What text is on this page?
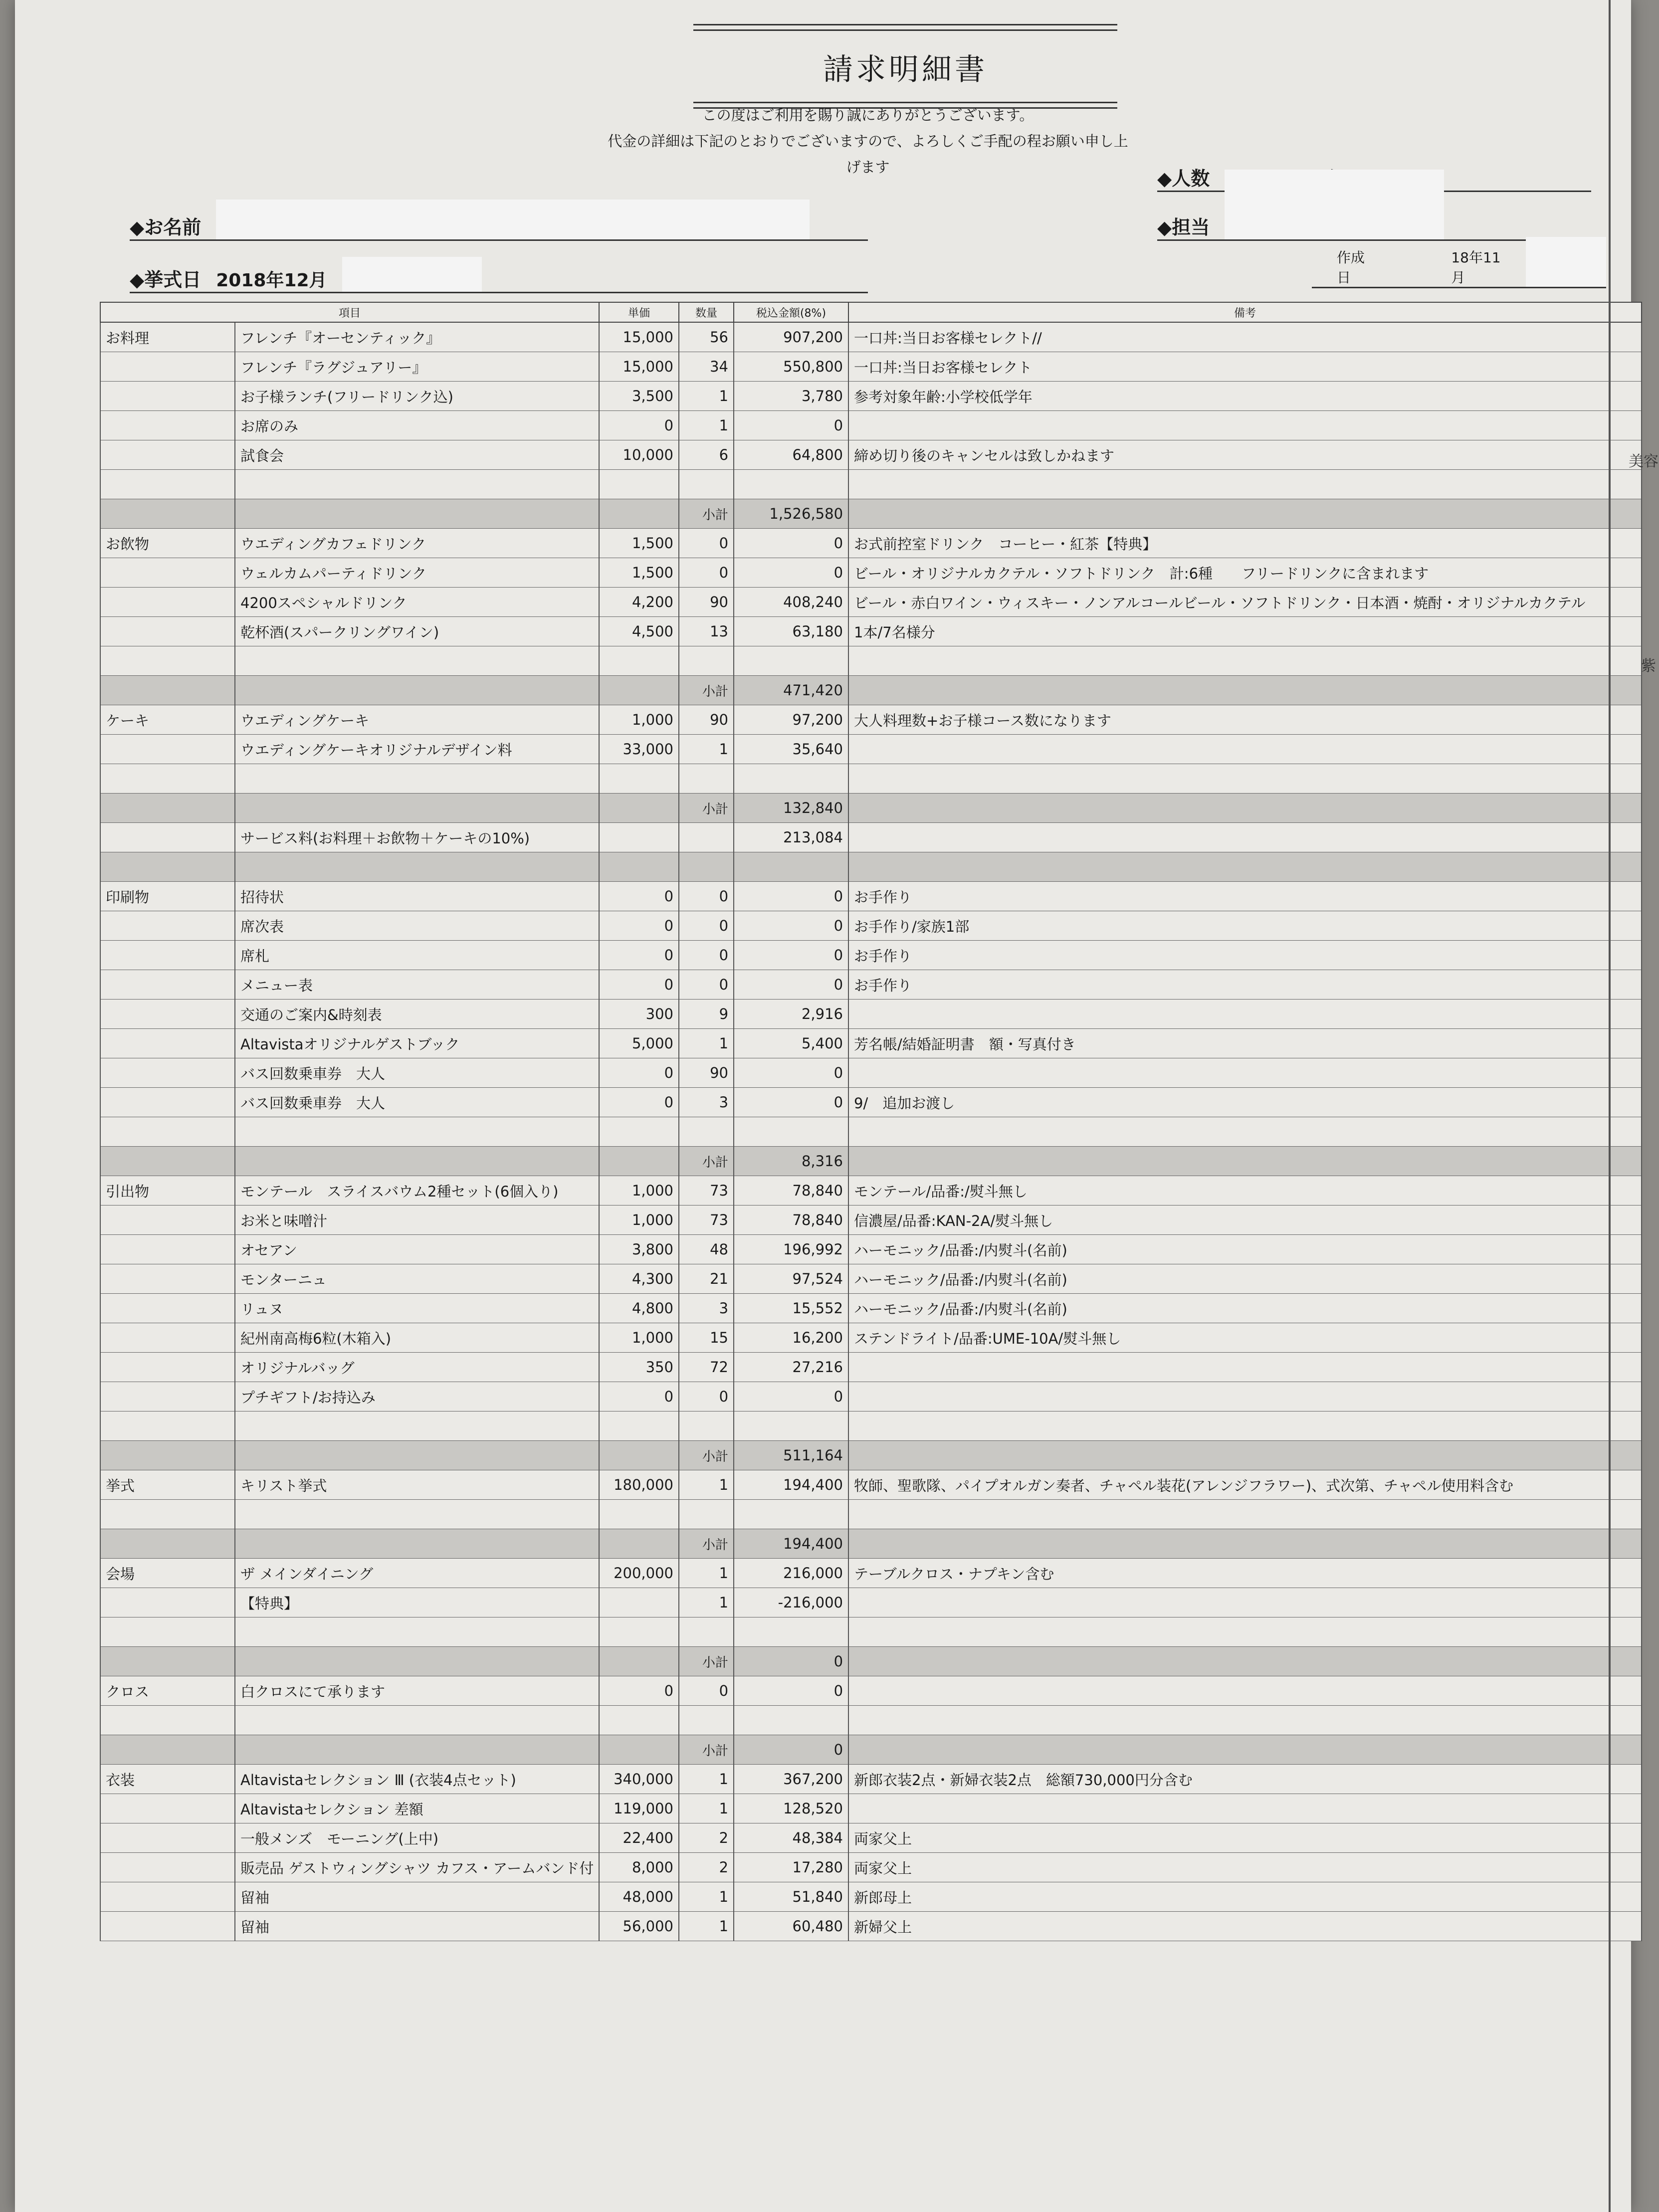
請求明細書
この度はご利用を賜り誠にありがとうございます。
代金の詳細は下記のとおりでございますので、よろしくご手配の程お願い申し上げます
◆お名前
◆挙式日 2018年12月
◆人数
◆担当
作成日
18年11月
項目		単価	数量	税込金額(8%)	備考
お料理	フレンチ『オーセンティック』	15,000	56	907,200	一口丼:当日お客様セレクト//
	フレンチ『ラグジュアリー』	15,000	34	550,800	一口丼:当日お客様セレクト
	お子様ランチ(フリードリンク込)	3,500	1	3,780	参考対象年齢:小学校低学年
	お席のみ	0	1	0	
	試食会	10,000	6	64,800	締め切り後のキャンセルは致しかねます

			小計	1,526,580	
お飲物	ウエディングカフェドリンク	1,500	0	0	お式前控室ドリンク　コーヒー・紅茶【特典】
	ウェルカムパーティドリンク	1,500	0	0	ビール・オリジナルカクテル・ソフトドリンク　計:6種　　フリードリンクに含まれます
	4200スペシャルドリンク	4,200	90	408,240	ビール・赤白ワイン・ウィスキー・ノンアルコールビール・ソフトドリンク・日本酒・焼酎・オリジナルカクテル
	乾杯酒(スパークリングワイン)	4,500	13	63,180	1本/7名様分

			小計	471,420	
ケーキ	ウエディングケーキ	1,000	90	97,200	大人料理数+お子様コース数になります
	ウエディングケーキオリジナルデザイン料	33,000	1	35,640	

			小計	132,840	
	サービス料(お料理＋お飲物＋ケーキの10%)			213,084	

印刷物	招待状	0	0	0	お手作り
	席次表	0	0	0	お手作り/家族1部
	席札	0	0	0	お手作り
	メニュー表	0	0	0	お手作り
	交通のご案内&時刻表	300	9	2,916	
	Altavistaオリジナルゲストブック	5,000	1	5,400	芳名帳/結婚証明書　額・写真付き
	バス回数乗車券　大人	0	90	0	
	バス回数乗車券　大人	0	3	0	9/　追加お渡し

			小計	8,316	
引出物	モンテール　スライスバウム2種セット(6個入り)	1,000	73	78,840	モンテール/品番:/熨斗無し
	お米と味噌汁	1,000	73	78,840	信濃屋/品番:KAN-2A/熨斗無し
	オセアン	3,800	48	196,992	ハーモニック/品番:/内熨斗(名前)
	モンターニュ	4,300	21	97,524	ハーモニック/品番:/内熨斗(名前)
	リュヌ	4,800	3	15,552	ハーモニック/品番:/内熨斗(名前)
	紀州南高梅6粒(木箱入)	1,000	15	16,200	ステンドライト/品番:UME-10A/熨斗無し
	オリジナルバッグ	350	72	27,216	
	プチギフト/お持込み	0	0	0	

			小計	511,164	
挙式	キリスト挙式	180,000	1	194,400	牧師、聖歌隊、パイプオルガン奏者、チャペル装花(アレンジフラワー)、式次第、チャペル使用料含む

			小計	194,400	
会場	ザ メインダイニング	200,000	1	216,000	テーブルクロス・ナプキン含む
	【特典】		1	-216,000	

			小計	0	
クロス	白クロスにて承ります	0	0	0	

			小計	0	
衣装	Altavistaセレクション Ⅲ (衣装4点セット)	340,000	1	367,200	新郎衣装2点・新婦衣装2点　総額730,000円分含む
	Altavistaセレクション 差額	119,000	1	128,520	
	一般メンズ　モーニング(上中)	22,400	2	48,384	両家父上
	販売品 ゲストウィングシャツ カフス・アームバンド付	8,000	2	17,280	両家父上
	留袖	48,000	1	51,840	新郎母上
	留袖	56,000	1	60,480	新婦父上
美容
紫
